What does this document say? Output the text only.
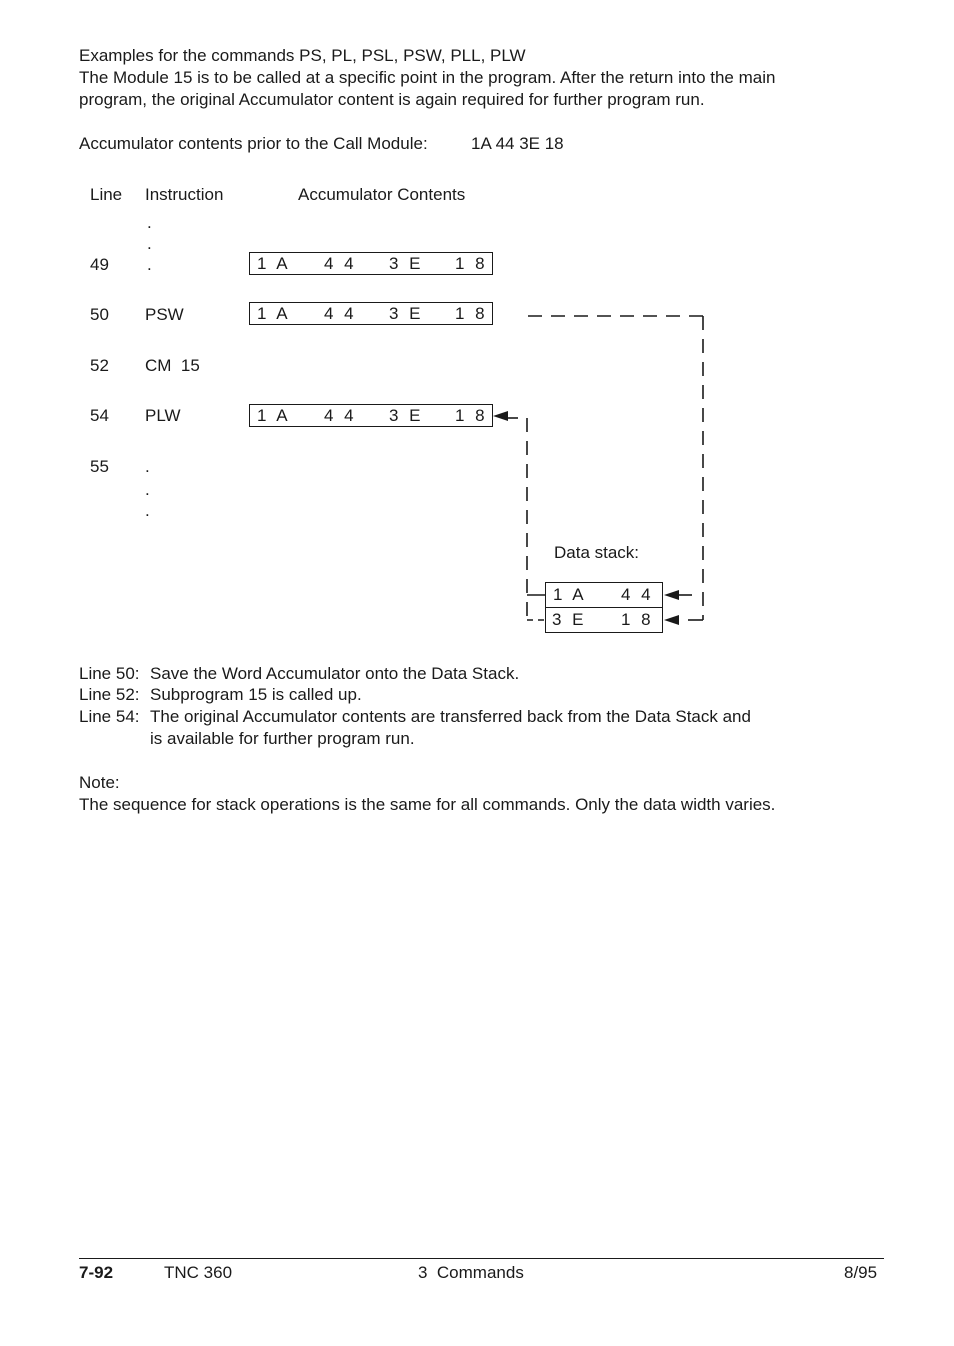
Examples for the commands PS, PL, PSL, PSW, PLL, PLW
The Module 15 is to be called at a specific point in the program. After the return into the main
program, the original Accumulator content is again required for further program run.
Accumulator contents prior to the Call Module:	1A 44 3E 18
Line Instruction	Accumulator Contents
.
.
49 .	1 A 4 4 3 E 1 8
50 PSW	1 A 4 4 3 E 1 8
52 CM  15
54 PLW	1 A 4 4 3 E 1 8
55 .
.
.
Data stack:
1 A 4 4
3 E 1 8
Line 50: Save the Word Accumulator onto the Data Stack.
Line 52: Subprogram 15 is called up.
Line 54: The original Accumulator contents are transferred back from the Data Stack and
is available for further program run.
Note:
The sequence for stack operations is the same for all commands. Only the data width varies.
7-92	TNC 360	3  Commands	8/95
